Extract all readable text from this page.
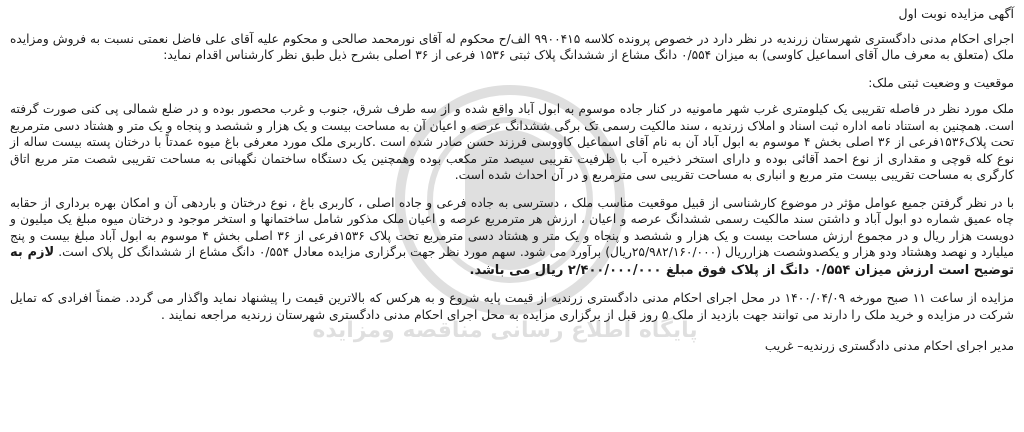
پایگاه اطلاع رسانی مناقصه ومزایده
آگهی مزایده نوبت اول

اجرای احکام مدنی دادگستری شهرستان زرندیه در نظر دارد در خصوص پرونده کلاسه ۹۹۰۰۴۱۵ الف/ح محکوم له آقای نورمحمد صالحی و محکوم علیه آقای علی فاضل نعمتی نسبت به فروش ومزایده ملک (متعلق به معرف مال آقای اسماعیل کاوسی) به میزان ۰/۵۵۴ دانگ مشاع از ششدانگ پلاک ثبتی ۱۵۳۶ فرعی از ۳۶ اصلی بشرح ذیل طبق نظر کارشناس اقدام نماید:

موقعیت و وضعیت ثبتی ملک:

ملک مورد نظر در فاصله تقریبی یک کیلومتری غرب شهر مامونیه در کنار جاده موسوم به ابول آباد واقع شده و از سه طرف شرق، جنوب و غرب محصور بوده و در ضلع شمالی پی کنی صورت گرفته است. همچنین به استناد نامه اداره ثبت اسناد و املاک زرندیه ، سند مالکیت رسمی تک برگی ششدانگ عرصه و اعیان آن به مساحت بیست و یک هزار و ششصد و پنجاه و یک متر و هشتاد دسی مترمربع تحت پلاک۱۵۳۶فرعی از ۳۶ اصلی بخش ۴ موسوم به ابول آباد آن به نام آقای اسماعیل کاووسی فرزند حسن صادر شده است .کاربری ملک مورد معرفی باغ میوه عمدتاً با درختان پسته بیست ساله از نوع کله قوچی و مقداری از نوع احمد آقائی بوده و دارای استخر ذخیره آب با ظرفیت تقریبی سیصد متر مکعب بوده وهمچنین یک دستگاه ساختمان نگهبانی به مساحت تقریبی شصت متر مربع اتاق کارگری به مساحت تقریبی بیست متر مربع و انباری به مساحت تقریبی سی مترمربع و در آن احداث شده است.

با در نظر گرفتن جمیع عوامل مؤثر در موضوع کارشناسی از قبیل موقعیت مناسب ملک ، دسترسی به جاده فرعی و جاده اصلی ، کاربری باغ ، نوع درختان و باردهی آن و امکان بهره برداری از حقابه چاه عمیق شماره دو ابول آباد و داشتن سند مالکیت رسمی ششدانگ عرصه و اعیان ، ارزش هر مترمربع عرصه و اعیان ملک مذکور شامل ساختمانها و استخر موجود و درختان میوه مبلغ یک میلیون و دویست هزار ریال و در مجموع ارزش مساحت بیست و یک هزار و ششصد و پنجاه و یک متر و هشتاد دسی مترمربع تحت پلاک ۱۵۳۶فرعی از ۳۶ اصلی بخش ۴ موسوم به ابول آباد مبلغ بیست و پنج میلیارد و نهصد وهشتاد ودو هزار و یکصدوشصت هزارریال (۲۵/۹۸۲/۱۶۰/۰۰۰ریال) برآورد می شود. سهم مورد نظر جهت برگزاری مزایده معادل ۰/۵۵۴ دانگ مشاع از ششدانگ کل پلاک است. لازم به توضیح است ارزش میزان ۰/۵۵۴ دانگ از پلاک فوق مبلغ ۲/۴۰۰/۰۰۰/۰۰۰ ریال می باشد.

مزایده از ساعت ۱۱ صبح مورخه ۱۴۰۰/۰۴/۰۹ در محل اجرای احکام مدنی دادگستری زرندیه از قیمت پایه شروع و به هرکس که بالاترین قیمت را پیشنهاد نماید واگذار می گردد. ضمناً افرادی که تمایل شرکت در مزایده و خرید ملک را دارند می توانند جهت بازدید از ملک ۵ روز قبل از برگزاری مزایده به محل اجرای احکام مدنی دادگستری شهرستان زرندیه مراجعه نمایند .

مدیر اجرای احکام مدنی دادگستری زرندیه– غریب
